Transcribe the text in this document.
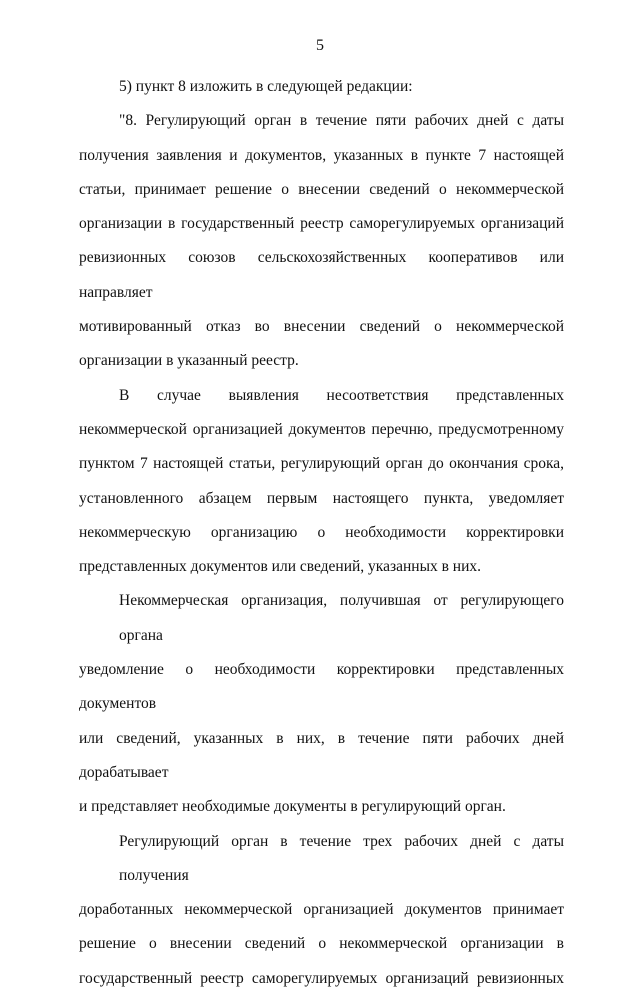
5

5) пункт 8 изложить в следующей редакции:

"8. Регулирующий орган в течение пяти рабочих дней с даты
получения заявления и документов, указанных в пункте 7 настоящей
статьи, принимает решение о внесении сведений о некоммерческой
организации в государственный реестр саморегулируемых организаций
ревизионных союзов сельскохозяйственных кооперативов или направляет
мотивированный отказ во внесении сведений о некоммерческой
организации в указанный реестр.

В случае выявления несоответствия представленных
некоммерческой организацией документов перечню, предусмотренному
пунктом 7 настоящей статьи, регулирующий орган до окончания срока,
установленного абзацем первым настоящего пункта, уведомляет
некоммерческую организацию о необходимости корректировки
представленных документов или сведений, указанных в них.

Некоммерческая организация, получившая от регулирующего органа
уведомление о необходимости корректировки представленных документов
или сведений, указанных в них, в течение пяти рабочих дней дорабатывает
и представляет необходимые документы в регулирующий орган.

Регулирующий орган в течение трех рабочих дней с даты получения
доработанных некоммерческой организацией документов принимает
решение о внесении сведений о некоммерческой организации в
государственный реестр саморегулируемых организаций ревизионных
